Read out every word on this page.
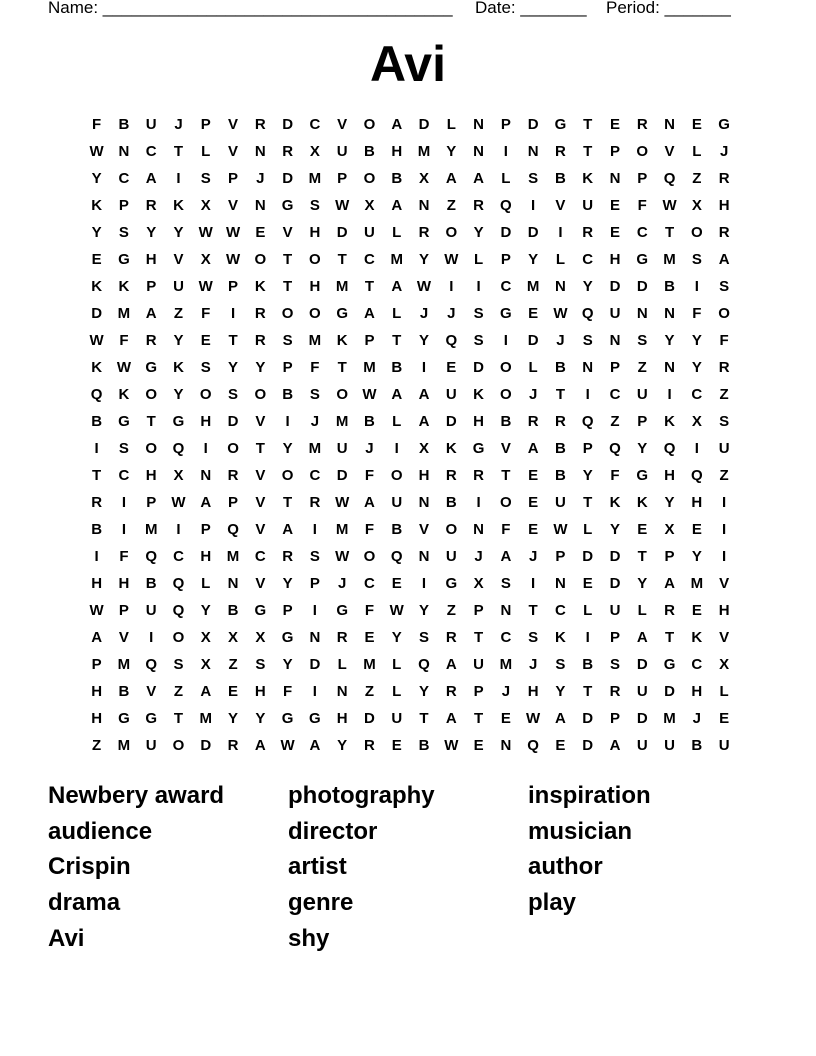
Name: _____________________________________ Date: _______ Period: _______
Avi
F	B	U	J	P	V	R	D	C	V	O	A	D	L	N	P	D	G	T	E	R	N	E	G
W N	C	T	L	V	N	R	X	U	B	H	M	Y	N	I	N	R	T	P	O	V	L	J
Y	C	A	I	S	P	J	D	M	P	O	B	X	A	A	L	S	B	K	N	P	Q	Z	R
K	P	R	K	X	V	N	G	S	W	X	A	N	Z	R	Q	I	V	U	E	F	W	X	H
Y	S	Y	Y	W W	E	V	H	D	U	L	R	O	Y	D	D	I	R	E	C	T	O	R
E	G	H	V	X	W O	T	O	T	C	M	Y	W	L	P	Y	L	C	H	G	M	S	A
K	K	P	U W	P	K	T	H	M	T	A W	I	I	C	M	N	Y	D	D	B	I	S
D	M	A	Z	F	I	R	O	O	G	A	L	J	J	S	G	E	W Q	U	N	N	F	O
W	F	R	Y	E	T	R	S	M	K	P	T	Y	Q	S	I	D	J	S	N	S	Y	Y	F
K W G	K	S	Y	Y	P	F	T	M	B	I	E	D	O	L	B	N	P	Z	N	Y	R
Q	K	O	Y	O	S	O	B	S	O W A	A	U	K	O	J	T	I	C	U	I	C	Z
B	G	T	G	H	D	V	I	J	M	B	L	A	D	H	B	R	R	Q	Z	P	K	X	S
I	S	O	Q	I	O	T	Y	M	U	J	I	X	K	G	V	A	B	P	Q	Y	Q	I	U
T	C	H	X	N	R	V	O	C	D	F	O	H	R	R	T	E	B	Y	F	G	H	Q	Z
R	I	P	W A	P	V	T	R W A	U	N	B	I	O	E	U	T	K	K	Y	H	I
B	I	M	I	P	Q	V	A	I	M	F	B	V	O	N	F	E	W	L	Y	E	X	E	I
I	F	Q	C	H	M	C	R	S	W O	Q	N	U	J	A	J	P	D	D	T	P	Y	I
H	H	B	Q	L	N	V	Y	P	J	C	E	I	G	X	S	I	N	E	D	Y	A	M	V
W	P	U	Q	Y	B	G	P	I	G	F	W	Y	Z	P	N	T	C	L	U	L	R	E	H
A	V	I	O	X	X	X	G	N	R	E	Y	S	R	T	C	S	K	I	P	A	T	K	V
P	M	Q	S	X	Z	S	Y	D	L	M	L	Q	A	U	M	J	S	B	S	D	G	C	X
H	B	V	Z	A	E	H	F	I	N	Z	L	Y	R	P	J	H	Y	T	R	U	D	H	L
H	G	G	T	M	Y	Y	G	G	H	D	U	T	A	T	E	W A	D	P	D	M	J	E
Z	M	U	O	D	R	A W A	Y	R	E	B W	E	N	Q	E	D	A	U	U	B	U
Newbery award
audience
Crispin
drama
Avi
photography
director
artist
genre
shy
inspiration
musician
author
play
